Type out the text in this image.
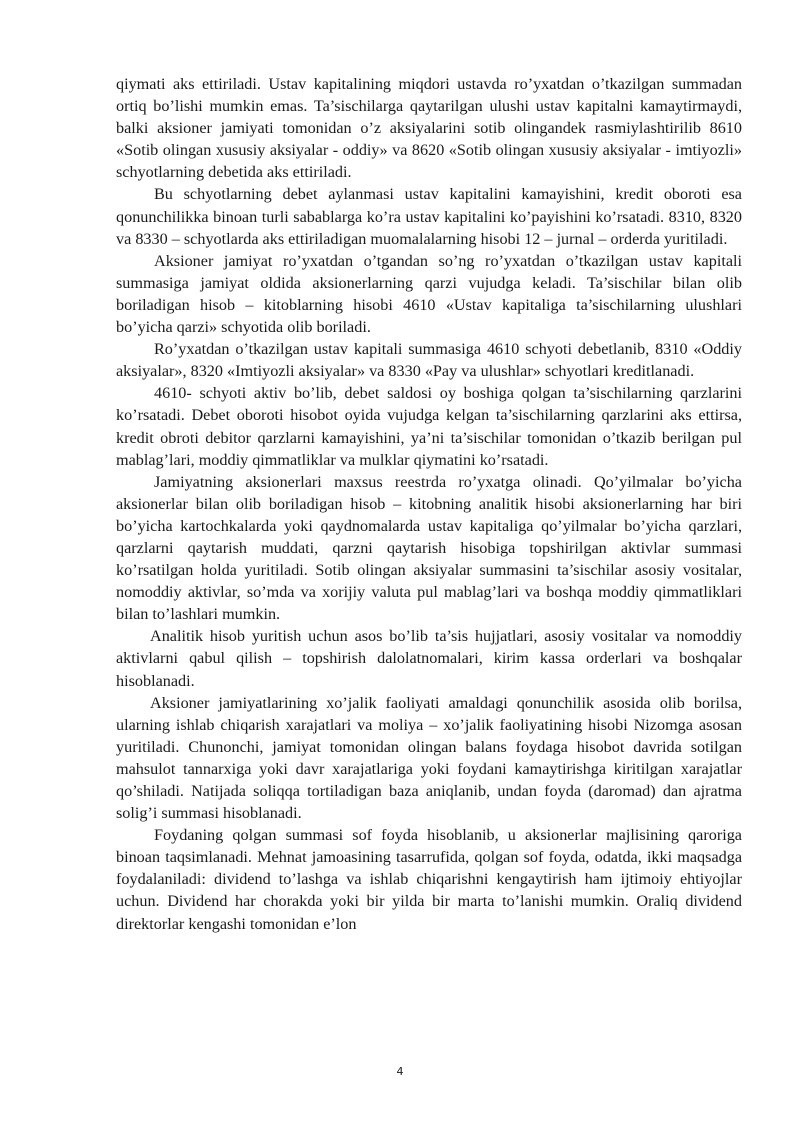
qiymati aks ettiriladi. Ustav kapitalining miqdori ustavda ro’yxatdan o’tkazilgan summadan ortiq bo’lishi mumkin emas. Ta’sischilarga qaytarilgan ulushi ustav kapitalni kamaytirmaydi, balki aksioner jamiyati tomonidan o’z aksiyalarini sotib olingandek rasmiylashtirilib 8610 «Sotib olingan xususiy aksiyalar - oddiy» va 8620 «Sotib olingan xususiy aksiyalar - imtiyozli» schyotlarning debetida aks ettiriladi.

Bu schyotlarning debet aylanmasi ustav kapitalini kamayishini, kredit oboroti esa qonunchilikka binoan turli sabablarga ko’ra ustav kapitalini ko’payishini ko’rsatadi. 8310, 8320 va 8330 – schyotlarda aks ettiriladigan muomalalarning hisobi 12 – jurnal – orderda yuritiladi.

Aksioner jamiyat ro’yxatdan o’tgandan so’ng ro’yxatdan o’tkazilgan ustav kapitali summasiga jamiyat oldida aksionerlarning qarzi vujudga keladi. Ta’sischilar bilan olib boriladigan hisob – kitoblarning hisobi 4610 «Ustav kapitaliga ta’sischilarning ulushlari bo’yicha qarzi» schyotida olib boriladi.

Ro’yxatdan o’tkazilgan ustav kapitali summasiga 4610 schyoti debetlanib, 8310 «Oddiy aksiyalar», 8320 «Imtiyozli aksiyalar» va 8330 «Pay va ulushlar» schyotlari kreditlanadi.

4610- schyoti aktiv bo’lib, debet saldosi oy boshiga qolgan ta’sischilarning qarzlarini ko’rsatadi. Debet oboroti hisobot oyida vujudga kelgan ta’sischilarning qarzlarini aks ettirsa, kredit obroti debitor qarzlarni kamayishini, ya’ni ta’sischilar tomonidan o’tkazib berilgan pul mablag’lari, moddiy qimmatliklar va mulklar qiymatini ko’rsatadi.

Jamiyatning aksionerlari maxsus reestrda ro’yxatga olinadi. Qo’yilmalar bo’yicha aksionerlar bilan olib boriladigan hisob – kitobning analitik hisobi aksionerlarning har biri bo’yicha kartochkalarda yoki qaydnomalarda ustav kapitaliga qo’yilmalar bo’yicha qarzlari, qarzlarni qaytarish muddati, qarzni qaytarish hisobiga topshirilgan aktivlar summasi ko’rsatilgan holda yuritiladi. Sotib olingan aksiyalar summasini ta’sischilar asosiy vositalar, nomoddiy aktivlar, so’mda va xorijiy valuta pul mablag’lari va boshqa moddiy qimmatliklari bilan to’lashlari mumkin.

Analitik hisob yuritish uchun asos bo’lib ta’sis hujjatlari, asosiy vositalar va nomoddiy aktivlarni qabul qilish – topshirish dalolatnomalari, kirim kassa orderlari va boshqalar hisoblanadi.

Aksioner jamiyatlarining xo’jalik faoliyati amaldagi qonunchilik asosida olib borilsa, ularning ishlab chiqarish xarajatlari va moliya – xo’jalik faoliyatining hisobi Nizomga asosan yuritiladi. Chunonchi, jamiyat tomonidan olingan balans foydaga hisobot davrida sotilgan mahsulot tannarxiga yoki davr xarajatlariga yoki foydani kamaytirishga kiritilgan xarajatlar qo’shiladi. Natijada soliqqa tortiladigan baza aniqlanib, undan foyda (daromad) dan ajratma solig’i summasi hisoblanadi.

Foydaning qolgan summasi sof foyda hisoblanib, u aksionerlar majlisining qaroriga binoan taqsimlanadi. Mehnat jamoasining tasarrufida, qolgan sof foyda, odatda, ikki maqsadga foydalaniladi: dividend to’lashga va ishlab chiqarishni kengaytirish ham ijtimoiy ehtiyojlar uchun. Dividend har chorakda yoki bir yilda bir marta to’lanishi mumkin. Oraliq dividend direktorlar kengashi tomonidan e’lon

4
